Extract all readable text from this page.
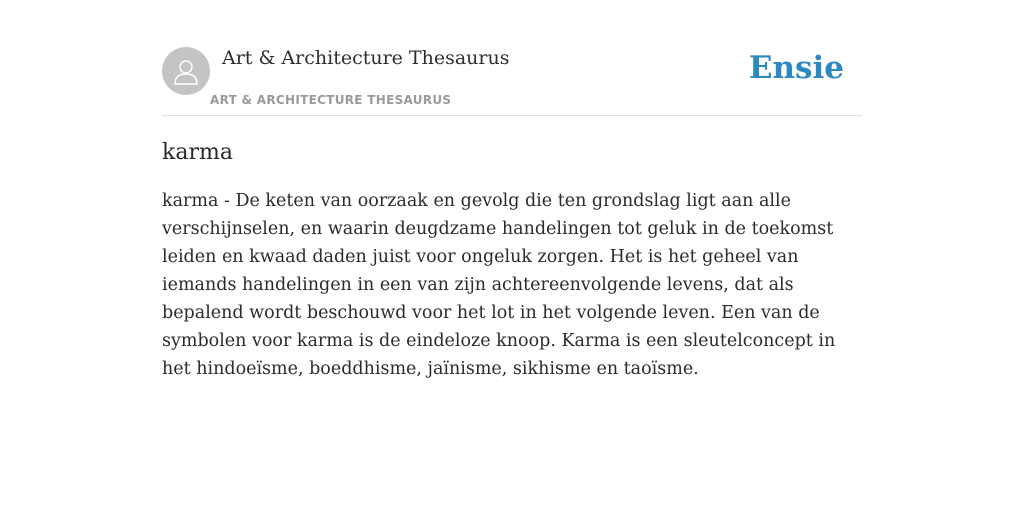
Art & Architecture Thesaurus
ART & ARCHITECTURE THESAURUS
Ensie
karma

karma - De keten van oorzaak en gevolg die ten grondslag ligt aan alle verschijnselen, en waarin deugdzame handelingen tot geluk in de toekomst leiden en kwaad daden juist voor ongeluk zorgen. Het is het geheel van iemands handelingen in een van zijn achtereenvolgende levens, dat als bepalend wordt beschouwd voor het lot in het volgende leven. Een van de symbolen voor karma is de eindeloze knoop. Karma is een sleutelconcept in het hindoeïsme, boeddhisme, jaïnisme, sikhisme en taoïsme.
